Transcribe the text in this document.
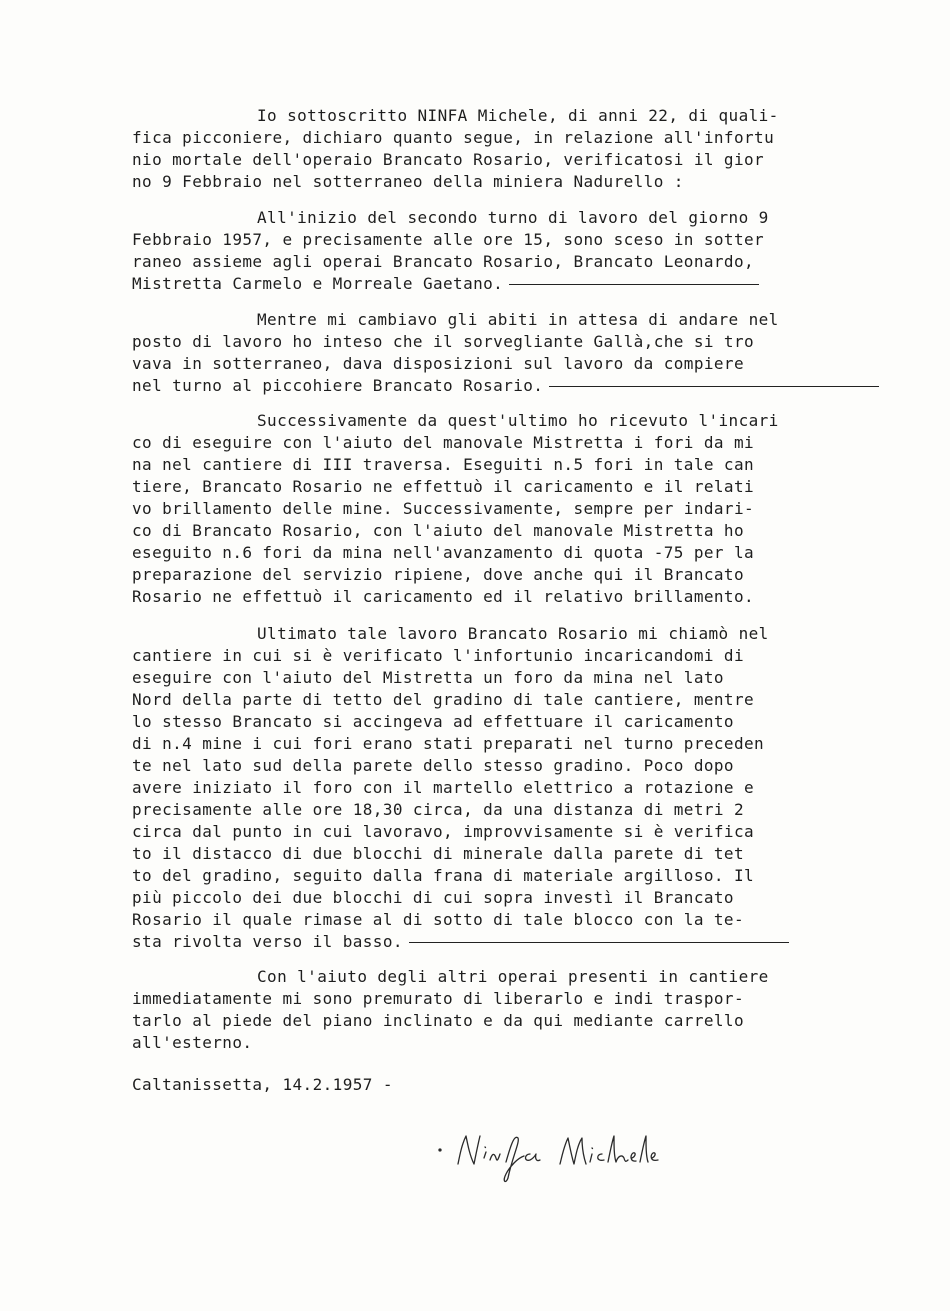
Io sottoscritto NINFA Michele, di anni 22, di quali-
fica picconiere, dichiaro quanto segue, in relazione all'infortu
nio mortale dell'operaio Brancato Rosario, verificatosi il gior
no 9 Febbraio nel sotterraneo della miniera Nadurello :
All'inizio del secondo turno di lavoro del giorno 9
Febbraio 1957, e precisamente alle ore 15, sono sceso in sotter
raneo assieme agli operai Brancato Rosario, Brancato Leonardo,
Mistretta Carmelo e Morreale Gaetano.
Mentre mi cambiavo gli abiti in attesa di andare nel
posto di lavoro ho inteso che il sorvegliante Gallà,che si tro
vava in sotterraneo, dava disposizioni sul lavoro da compiere
nel turno al piccohiere Brancato Rosario.
Successivamente da quest'ultimo ho ricevuto l'incari
co di eseguire con l'aiuto del manovale Mistretta i fori da mi
na nel cantiere di III traversa. Eseguiti n.5 fori in tale can
tiere, Brancato Rosario ne effettuò il caricamento e il relati
vo brillamento delle mine. Successivamente, sempre per indari-
co di Brancato Rosario, con l'aiuto del manovale Mistretta ho
eseguito n.6 fori da mina nell'avanzamento di quota -75 per la
preparazione del servizio ripiene, dove anche qui il Brancato
Rosario ne effettuò il caricamento ed il relativo brillamento.
Ultimato tale lavoro Brancato Rosario mi chiamò nel
cantiere in cui si è verificato l'infortunio incaricandomi di
eseguire con l'aiuto del Mistretta un foro da mina nel lato
Nord della parte di tetto del gradino di tale cantiere, mentre
lo stesso Brancato si accingeva ad effettuare il caricamento
di n.4 mine i cui fori erano stati preparati nel turno preceden
te nel lato sud della parete dello stesso gradino. Poco dopo
avere iniziato il foro con il martello elettrico a rotazione e
precisamente alle ore 18,30 circa, da una distanza di metri 2
circa dal punto in cui lavoravo, improvvisamente si è verifica
to il distacco di due blocchi di minerale dalla parete di tet
to del gradino, seguito dalla frana di materiale argilloso. Il
più piccolo dei due blocchi di cui sopra investì il Brancato
Rosario il quale rimase al di sotto di tale blocco con la te-
sta rivolta verso il basso.
Con l'aiuto degli altri operai presenti in cantiere
immediatamente mi sono premurato di liberarlo e indi traspor-
tarlo al piede del piano inclinato e da qui mediante carrello
all'esterno.
Caltanissetta, 14.2.1957 -
